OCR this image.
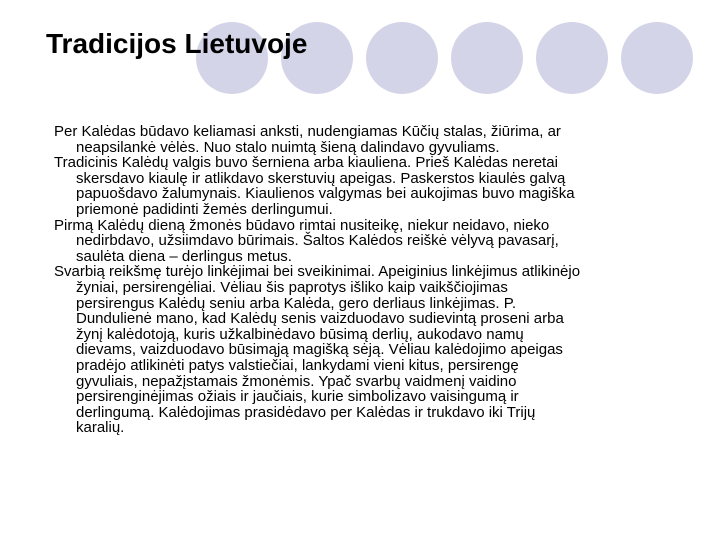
Tradicijos Lietuvoje

Per Kalėdas būdavo keliamasi anksti, nudengiamas Kūčių stalas, žiūrima, ar
neapsilankė vėlės. Nuo stalo nuimtą šieną dalindavo gyvuliams.

Tradicinis Kalėdų valgis buvo šerniena arba kiauliena. Prieš Kalėdas neretai
skersdavo kiaulę ir atlikdavo skerstuvių apeigas. Paskerstos kiaulės galvą
papuošdavo žalumynais. Kiaulienos valgymas bei aukojimas buvo magiška
priemonė padidinti žemės derlingumui.

Pirmą Kalėdų dieną žmonės būdavo rimtai nusiteikę, niekur neidavo, nieko
nedirbdavo, užsiimdavo būrimais. Šaltos Kalėdos reiškė vėlyvą pavasarį,
saulėta diena – derlingus metus.

Svarbią reikšmę turėjo linkėjimai bei sveikinimai. Apeiginius linkėjimus atlikinėjo
žyniai, persirengėliai. Vėliau šis paprotys išliko kaip vaikščiojimas
persirengus Kalėdų seniu arba Kalėda, gero derliaus linkėjimas. P.
Dundulienė mano, kad Kalėdų senis vaizduodavo sudievintą proseni arba
žynį kalėdotoją, kuris užkalbinėdavo būsimą derlių, aukodavo namų
dievams, vaizduodavo būsimąją magišką sėją. Vėliau kalėdojimo apeigas
pradėjo atlikinėti patys valstiečiai, lankydami vieni kitus, persirengę
gyvuliais, nepažįstamais žmonėmis. Ypač svarbų vaidmenį vaidino
persirenginėjimas ožiais ir jaučiais, kurie simbolizavo vaisingumą ir
derlingumą. Kalėdojimas prasidėdavo per Kalėdas ir trukdavo iki Trijų
karalių.
